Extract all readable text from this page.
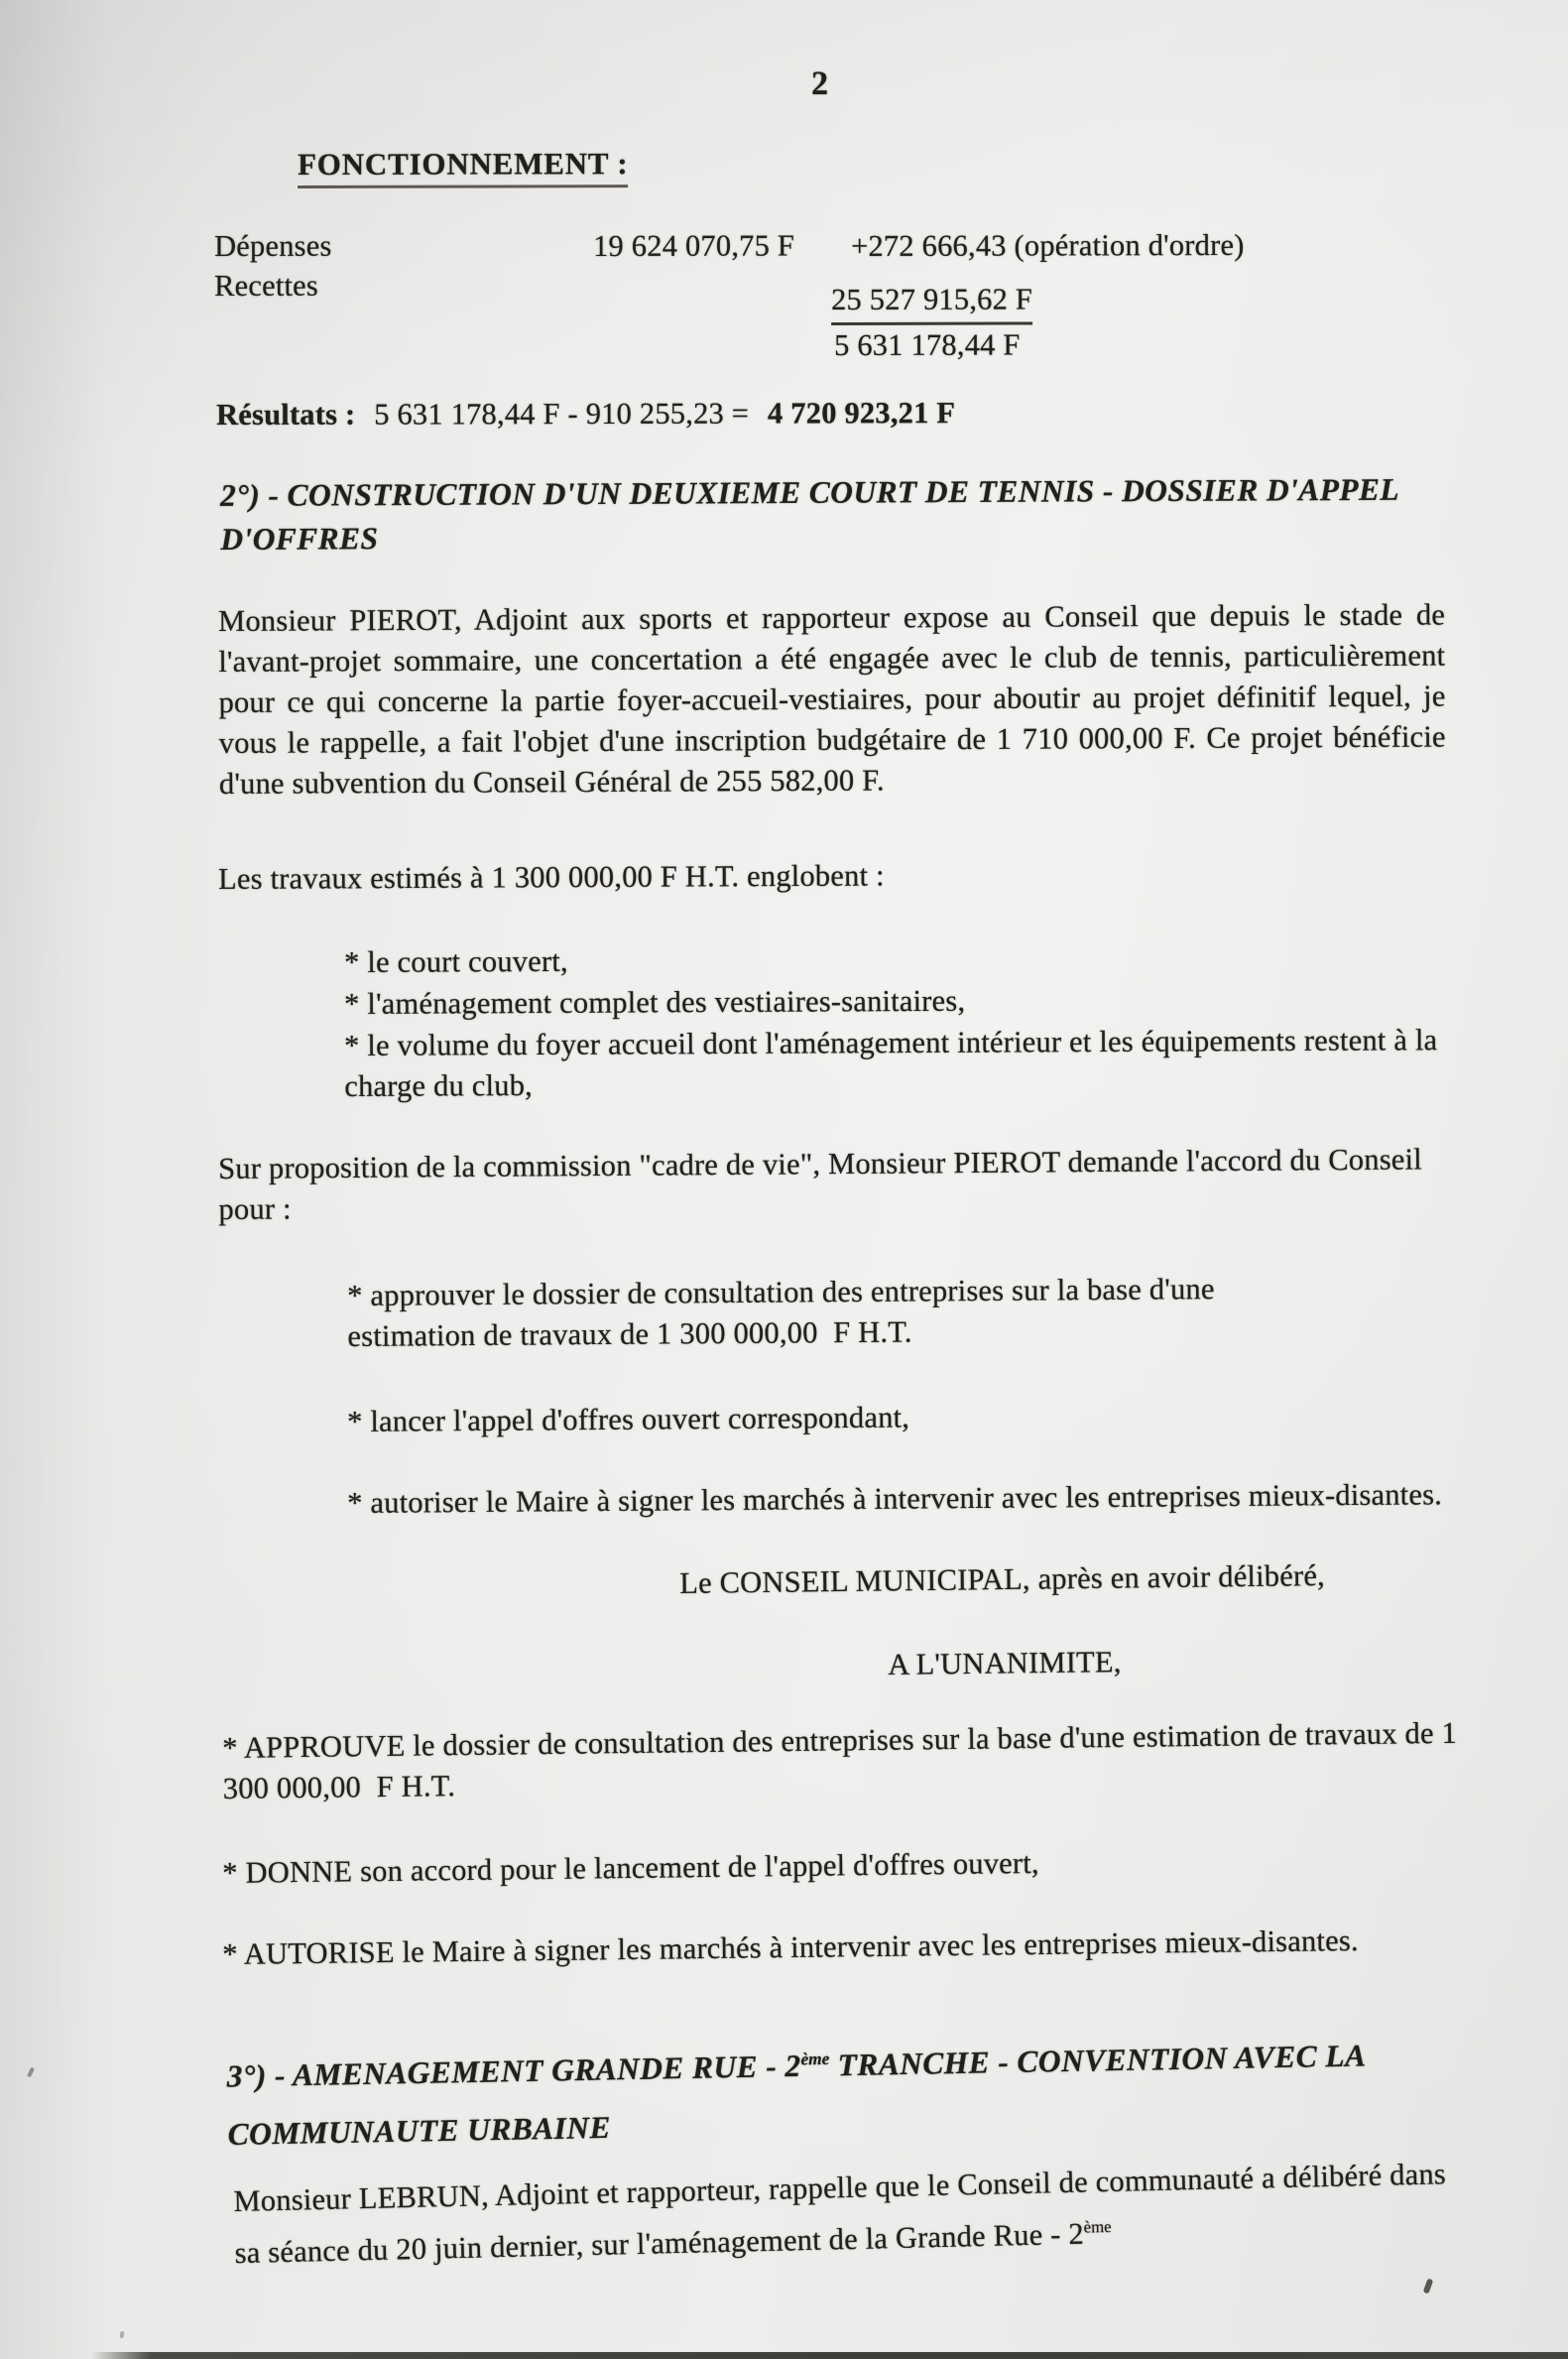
2
FONCTIONNEMENT :
Dépenses	19 624 070,75 F +272 666,43 (opération d'ordre)
Recettes	25 527 915,62 F
5 631 178,44 F
Résultats : 5 631 178,44 F - 910 255,23 = 4 720 923,21 F
2°) - CONSTRUCTION D'UN DEUXIEME COURT DE TENNIS - DOSSIER D'APPEL D'OFFRES
Monsieur PIEROT, Adjoint aux sports et rapporteur expose au Conseil que depuis le stade de l'avant-projet sommaire, une concertation a été engagée avec le club de tennis, particulièrement pour ce qui concerne la partie foyer-accueil-vestiaires, pour aboutir au projet définitif lequel, je vous le rappelle, a fait l'objet d'une inscription budgétaire de 1 710 000,00 F. Ce projet bénéficie d'une subvention du Conseil Général de 255 582,00 F.
Les travaux estimés à 1 300 000,00 F H.T. englobent :
* le court couvert,
* l'aménagement complet des vestiaires-sanitaires,
* le volume du foyer accueil dont l'aménagement intérieur et les équipements restent à la charge du club,
Sur proposition de la commission "cadre de vie", Monsieur PIEROT demande l'accord du Conseil pour :
* approuver le dossier de consultation des entreprises sur la base d'une estimation de travaux de 1 300 000,00  F H.T.
* lancer l'appel d'offres ouvert correspondant,
* autoriser le Maire à signer les marchés à intervenir avec les entreprises mieux-disantes.
Le CONSEIL MUNICIPAL, après en avoir délibéré,
A L'UNANIMITE,
* APPROUVE le dossier de consultation des entreprises sur la base d'une estimation de travaux de 1 300 000,00  F H.T.
* DONNE son accord pour le lancement de l'appel d'offres ouvert,
* AUTORISE le Maire à signer les marchés à intervenir avec les entreprises mieux-disantes.
3°) - AMENAGEMENT GRANDE RUE - 2ème TRANCHE - CONVENTION AVEC LA COMMUNAUTE URBAINE
Monsieur LEBRUN, Adjoint et rapporteur, rappelle que le Conseil de communauté a délibéré dans sa séance du 20 juin dernier, sur l'aménagement de la Grande Rue - 2ème
